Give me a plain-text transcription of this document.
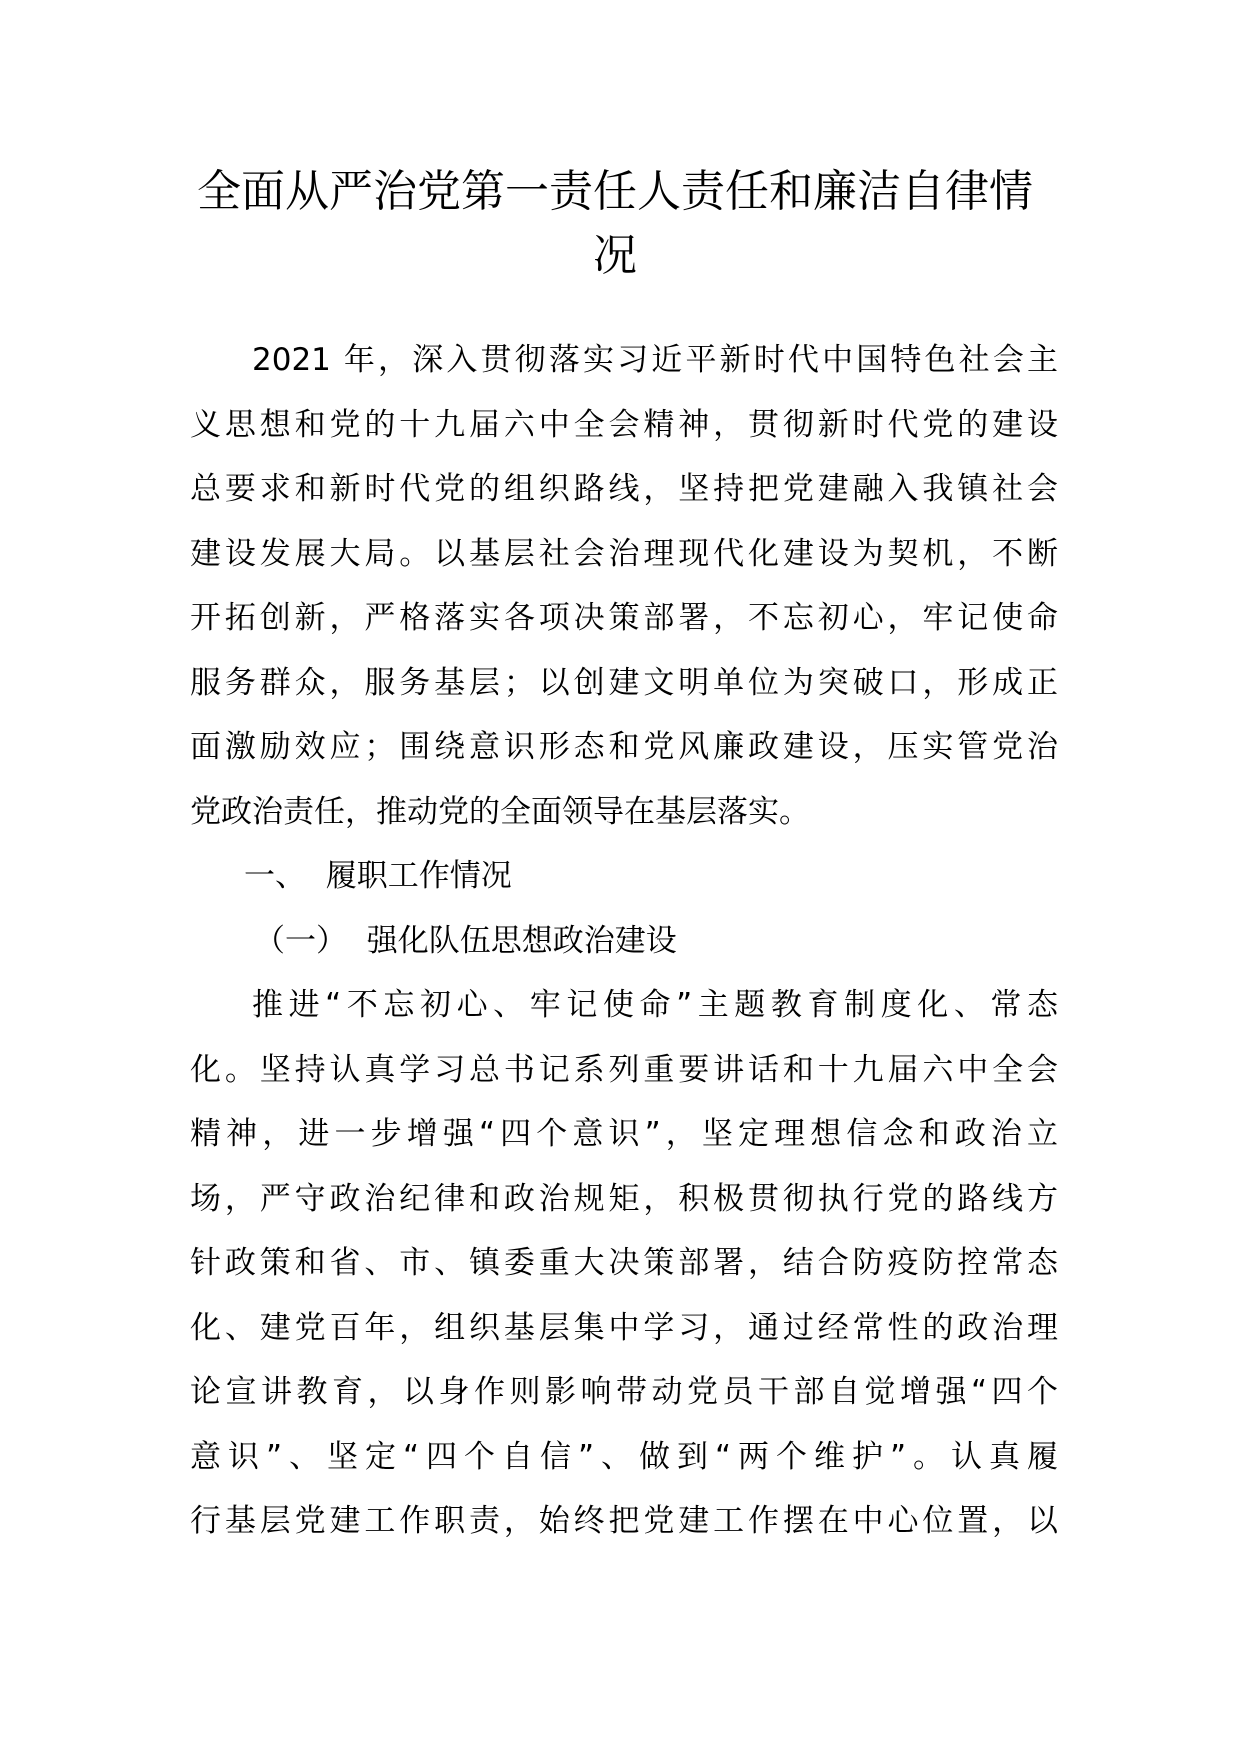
全面从严治党第一责任人责任和廉洁自律情
况

2021 年，深入贯彻落实习近平新时代中国特色社会主
义思想和党的十九届六中全会精神，贯彻新时代党的建设
总要求和新时代党的组织路线，坚持把党建融入我镇社会
建设发展大局。以基层社会治理现代化建设为契机，不断
开拓创新，严格落实各项决策部署，不忘初心，牢记使命
服务群众，服务基层；以创建文明单位为突破口，形成正
面激励效应；围绕意识形态和党风廉政建设，压实管党治
党政治责任，推动党的全面领导在基层落实。

一、  履职工作情况

（一）  强化队伍思想政治建设

推进“不忘初心、牢记使命”主题教育制度化、常态
化。坚持认真学习总书记系列重要讲话和十九届六中全会
精神，进一步增强“四个意识”，坚定理想信念和政治立
场，严守政治纪律和政治规矩，积极贯彻执行党的路线方
针政策和省、市、镇委重大决策部署，结合防疫防控常态
化、建党百年，组织基层集中学习，通过经常性的政治理
论宣讲教育，以身作则影响带动党员干部自觉增强“四个
意识”、坚定“四个自信”、做到“两个维护”。认真履
行基层党建工作职责，始终把党建工作摆在中心位置，以
